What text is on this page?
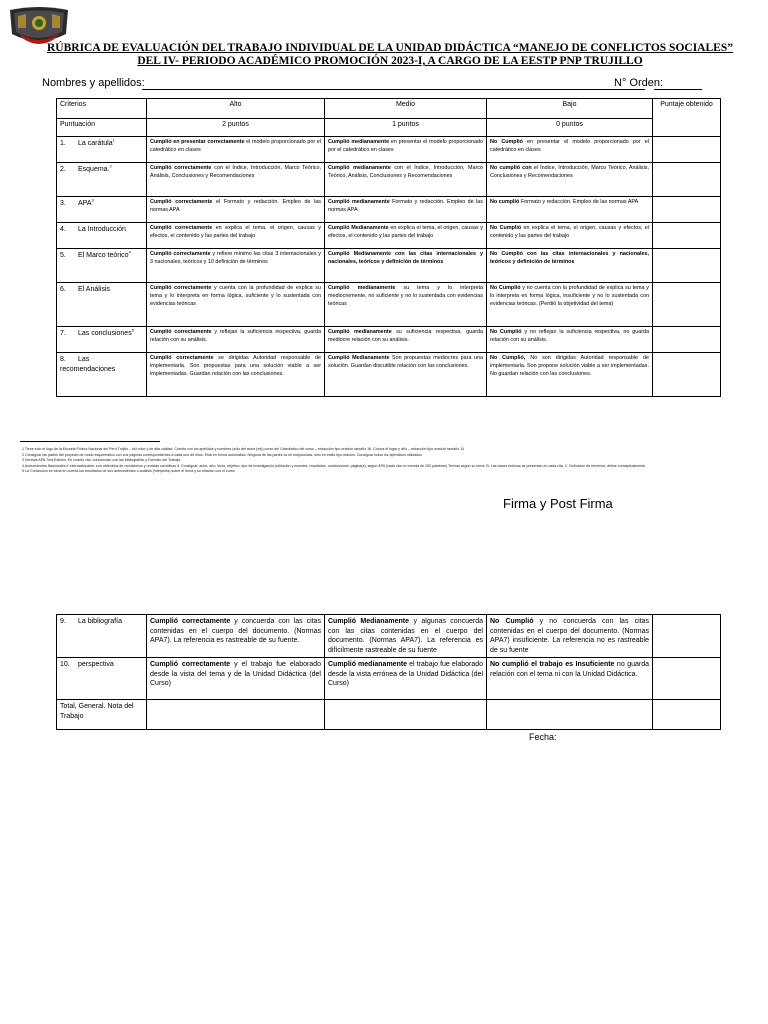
RÚBRICA DE EVALUACIÓN DEL TRABAJO INDIVIDUAL DE LA UNIDAD DIDÁCTICA “MANEJO DE CONFLICTOS SOCIALES”
DEL IV- PERIODO ACADÉMICO PROMOCIÓN 2023-I, A CARGO DE LA EESTP PNP TRUJILLO
Nombres y apellidos:	N° Orden:
Criterios	Alto	Medio	Bajo	Puntaje obtenido
Puntuación	2 puntos	1 puntos	0 puntos	
1. La carátula$^1$	Cumplió en presentar correctamente el modelo proporcionado por el catedrático en clases	Cumplió medianamente en presentar el modelo proporcionado por el catedrático en clases	No Cumplió en presentar el modelo proporcionado por el catedrático en clases	
2. Esquema.$^2$	Cumplió correctamente con el Índice, Introducción, Marco Teórico, Análisis, Conclusiones y Recomendaciones	Cumplió medianamente con el Índice, Introducción, Marco Teórico, Análisis, Conclusiones y Recomendaciones	No cumplió con el Índice, Introducción, Marco Teórico, Análisis, Conclusiones y Recomendaciones	
3. APA$^3$	Cumplió correctamente el Formato y redacción. Empleo de las normas APA	Cumplió medianamente Formato y redacción. Empleo de las normas APA	No cumplió Formato y redacción. Empleo de las normas APA	
4. La Introducción	Cumplió correctamente en explica el tema, el origen, causas y efectos, el contenido y las partes del trabajo	Cumplió Medianamente en explica el tema, el origen, causas y efectos, el contenido y las partes del trabajo	No Cumplió en explica el tema, el origen, causas y efectos, el contenido y las partes del trabajo	
5. El Marco teórico$^4$	Cumplió correctamente y refiere mínimo las citas 3 internacionales y 3 nacionales, teóricos y 10 definición de términos	Cumplió Medianamente con las citas internacionales y nacionales, teóricos y definición de términos	No Cumplió con las citas internacionales y nacionales, teóricos y definición de términos	
6. El Análisis	Cumplió correctamente y cuenta con la profundidad de explica su tema y lo interpreta en forma lógica, suficiente y lo sustentada con evidencias teóricas	Cumplió medianamente su tema y lo interpreta mediocremente, no suficiente y no lo sustentada con evidencias teóricas	No Cumplió y no cuenta con la profundidad de explica su tema y lo interpreta en forma lógica, insuficiente y no lo sustentada con evidencias teóricas. (Perdió la objetividad del tema)	
7. Las conclusiones$^5$	Cumplió correctamente y reflejan la suficiencia respectiva, guarda relación con su análisis.	Cumplió medianamente su suficiencia respectiva, guarda mediocre relación con su análisis.	No Cumplió y no reflejan la suficiencia respectiva, no guarda relación con su análisis.	
8. Las recomendaciones	Cumplió correctamente se dirigidas Autoridad responsable de implementarla. Son propuestas para una solución viable a ser implementadas. Guardan relación con las conclusiones.	Cumplió Medianamente Son propuestas mediocres para una solución. Guardan discutible relación con las conclusiones.	No Cumplió, No son dirigidas Autoridad responsable de implementarla. Son propone solución viable a ser implementadas. No guardan relación con las conclusiones.	
1 Tiene solo el logo de la Escuela Policía Nacional del Perú Trujillo – full color y de alta calidad. Cuenta con los apellidos y nombres (sólo del autor (es)) curso del Catedrático del curso – redacción tipo oración tamaño 16. Coloca el lugar y año – redacción tipo oración tamaño 14
2 Consignar las partes del proyecto de modo esquemático con sus páginas correspondientes a cada uno de ellos. Está en forma automática. Ninguna de las partes va en mayúsculas, sino en estilo tipo oración. Consignar todos los apéndices utilizados
3 Normas APA 7ma Edición. En cuanto cita, concuerdan con las bibliografías y Formato del Trabajo.
4 Antecedentes Nacionales e Internacionales: son obtenidos de repositorios y revistas científicas 4. Consignar: autor, año, título, objetivo, tipo de investigación población y muestra, resultados, conclusiones, página(s), según APA (cada cita no exceda de 250 palabras) Teorías según su tema. B. Las bases teóricas se presentan en cada cita. C. Definición de términos, define conceptualmente.
5 La Conclusión se toma en cuenta los resultados de sus antecedentes o análisis (Interpreta) sobre el tema y su relación con el curso
Firma y Post Firma
9. La bibliografía	Cumplió correctamente y concuerda con las citas contenidas en el cuerpo del documento. (Normas APA7). La referencia es rastreable de su fuente.	Cumplió Medianamente y algunas concuerda con las citas contenidas en el cuerpo del documento. (Normas APA7). La referencia es difícilmente rastreable de su fuente	No Cumplió y no concuerda con las citas contenidas en el cuerpo del documento. (Normas APA7) insuficiente. La referencia no es rastreable de su fuente	
10. perspectiva	Cumplió correctamente y el trabajo fue elaborado desde la vista del tema y de la Unidad Didáctica (del Curso)	Cumplió medianamente el trabajo fue elaborado desde la vista errónea de la Unidad Didáctica (del Curso)	No cumplió el trabajo es Insuficiente no guarda relación con el tema ni con la Unidad Didáctica.	
Total, General. Nota del Trabajo				
Fecha:
